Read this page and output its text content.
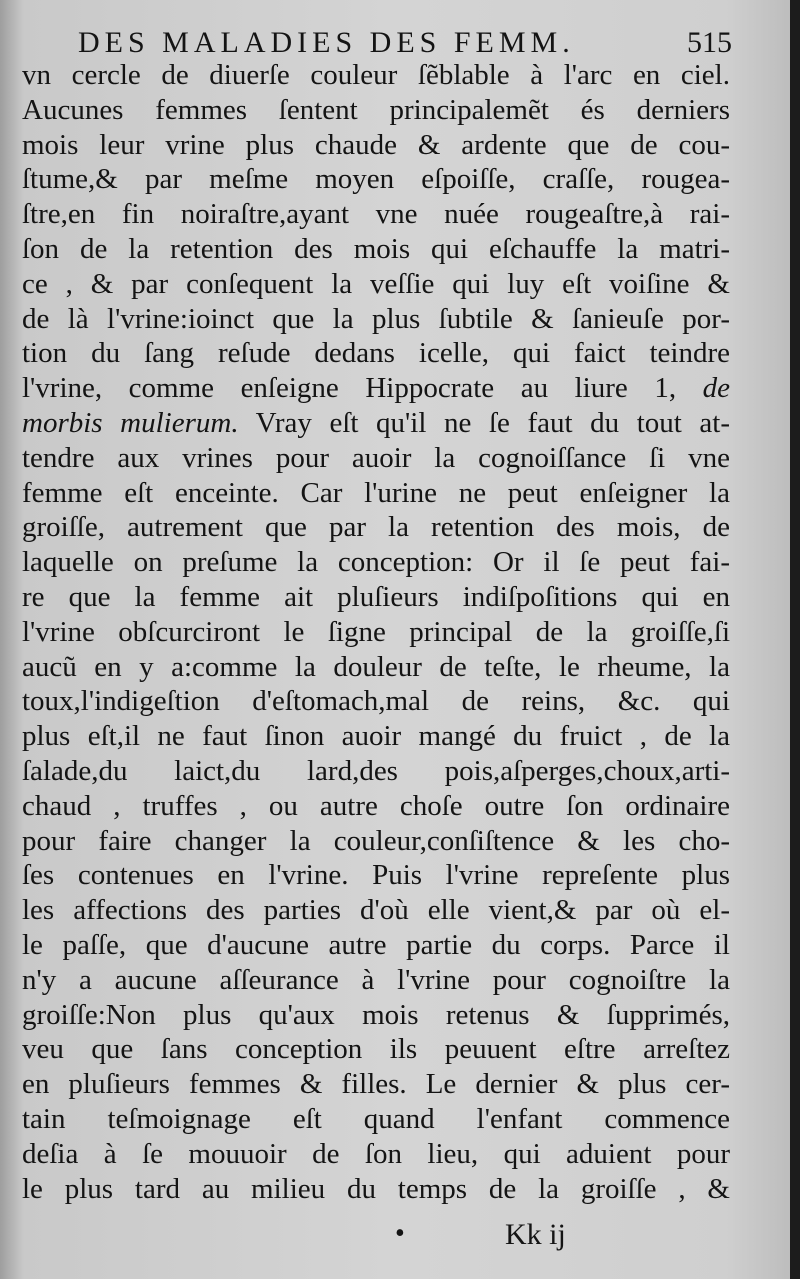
DES MALADIES DES FEMM.	515
vn cercle de diuerſe couleur ſẽblable à l'arc en ciel.
Aucunes femmes ſentent principalemẽt és derniers
mois leur vrine plus chaude & ardente que de cou-
ſtume,& par meſme moyen eſpoiſſe, craſſe, rougea-
ſtre,en fin noiraſtre,ayant vne nuée rougeaſtre,à rai-
ſon de la retention des mois qui eſchauffe la matri-
ce , & par conſequent la veſſie qui luy eſt voiſine &
de là l'vrine:ioinct que la plus ſubtile & ſanieuſe por-
tion du ſang reſude dedans icelle, qui faict teindre
l'vrine, comme enſeigne Hippocrate au liure 1, de
morbis mulierum. Vray eſt qu'il ne ſe faut du tout at-
tendre aux vrines pour auoir la cognoiſſance ſi vne
femme eſt enceinte. Car l'urine ne peut enſeigner la
groiſſe, autrement que par la retention des mois, de
laquelle on preſume la conception: Or il ſe peut fai-
re que la femme ait pluſieurs indiſpoſitions qui en
l'vrine obſcurciront le ſigne principal de la groiſſe,ſi
aucũ en y a:comme la douleur de teſte, le rheume, la
toux,l'indigeſtion d'eſtomach,mal de reins, &c. qui
plus eſt,il ne faut ſinon auoir mangé du fruict , de la
ſalade,du laict,du lard,des pois,aſperges,choux,arti-
chaud , truffes , ou autre choſe outre ſon ordinaire
pour faire changer la couleur,conſiſtence & les cho-
ſes contenues en l'vrine. Puis l'vrine repreſente plus
les affections des parties d'où elle vient,& par où el-
le paſſe, que d'aucune autre partie du corps. Parce il
n'y a aucune aſſeurance à l'vrine pour cognoiſtre la
groiſſe:Non plus qu'aux mois retenus & ſupprimés,
veu que ſans conception ils peuuent eſtre arreſtez
en pluſieurs femmes & filles. Le dernier & plus cer-
tain teſmoignage eſt quand l'enfant commence
deſia à ſe mouuoir de ſon lieu, qui aduient pour
le plus tard au milieu du temps de la groiſſe , &
•	Kk ij
